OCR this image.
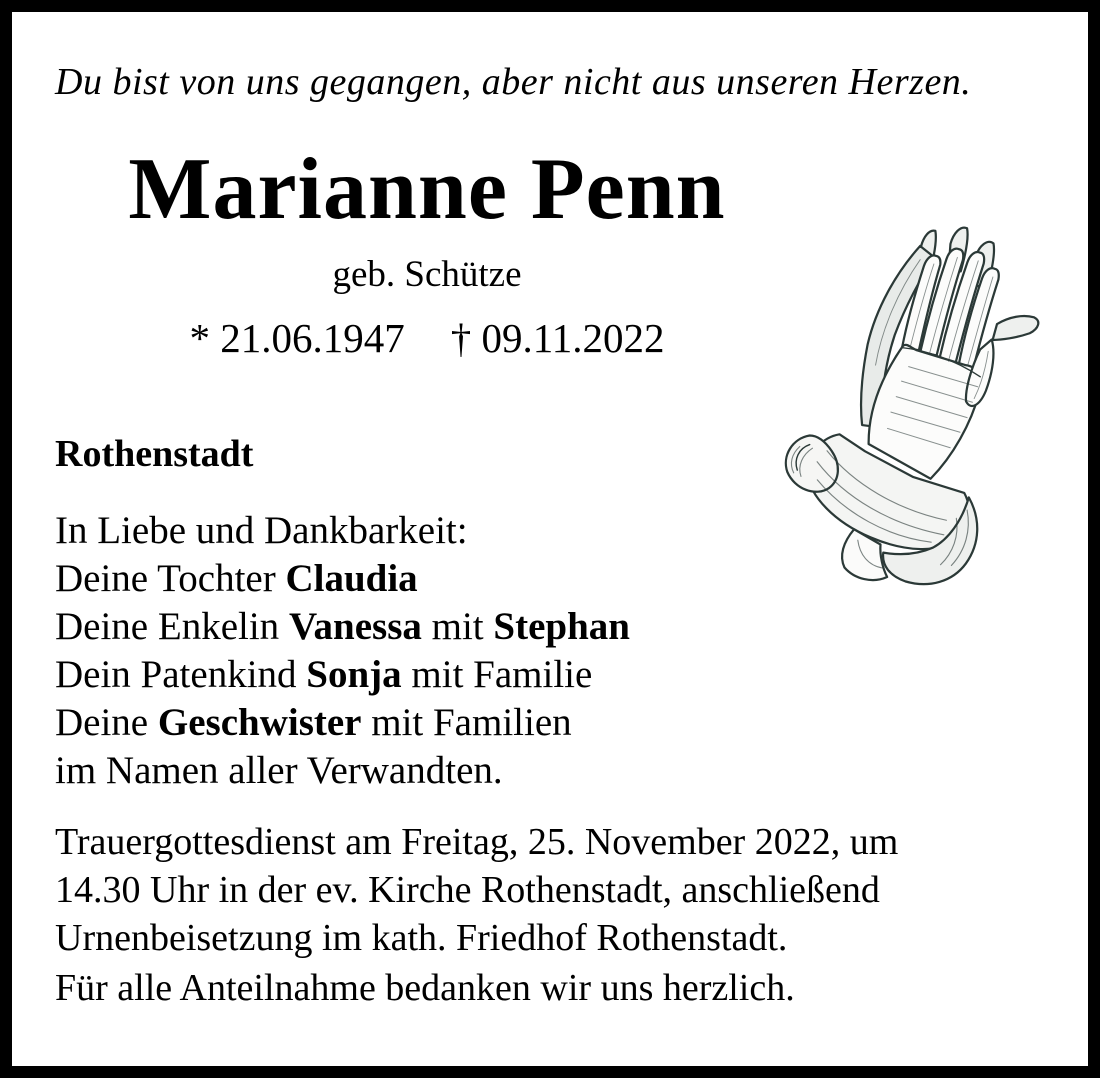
Du bist von uns gegangen, aber nicht aus unseren Herzen.
Marianne Penn
geb. Schütze
* 21.06.1947 † 09.11.2022
Rothenstadt
In Liebe und Dankbarkeit:
Deine Tochter Claudia
Deine Enkelin Vanessa mit Stephan
Dein Patenkind Sonja mit Familie
Deine Geschwister mit Familien
im Namen aller Verwandten.
Trauergottesdienst am Freitag, 25. November 2022, um
14.30 Uhr in der ev. Kirche Rothenstadt, anschließend
Urnenbeisetzung im kath. Friedhof Rothenstadt.
Für alle Anteilnahme bedanken wir uns herzlich.
